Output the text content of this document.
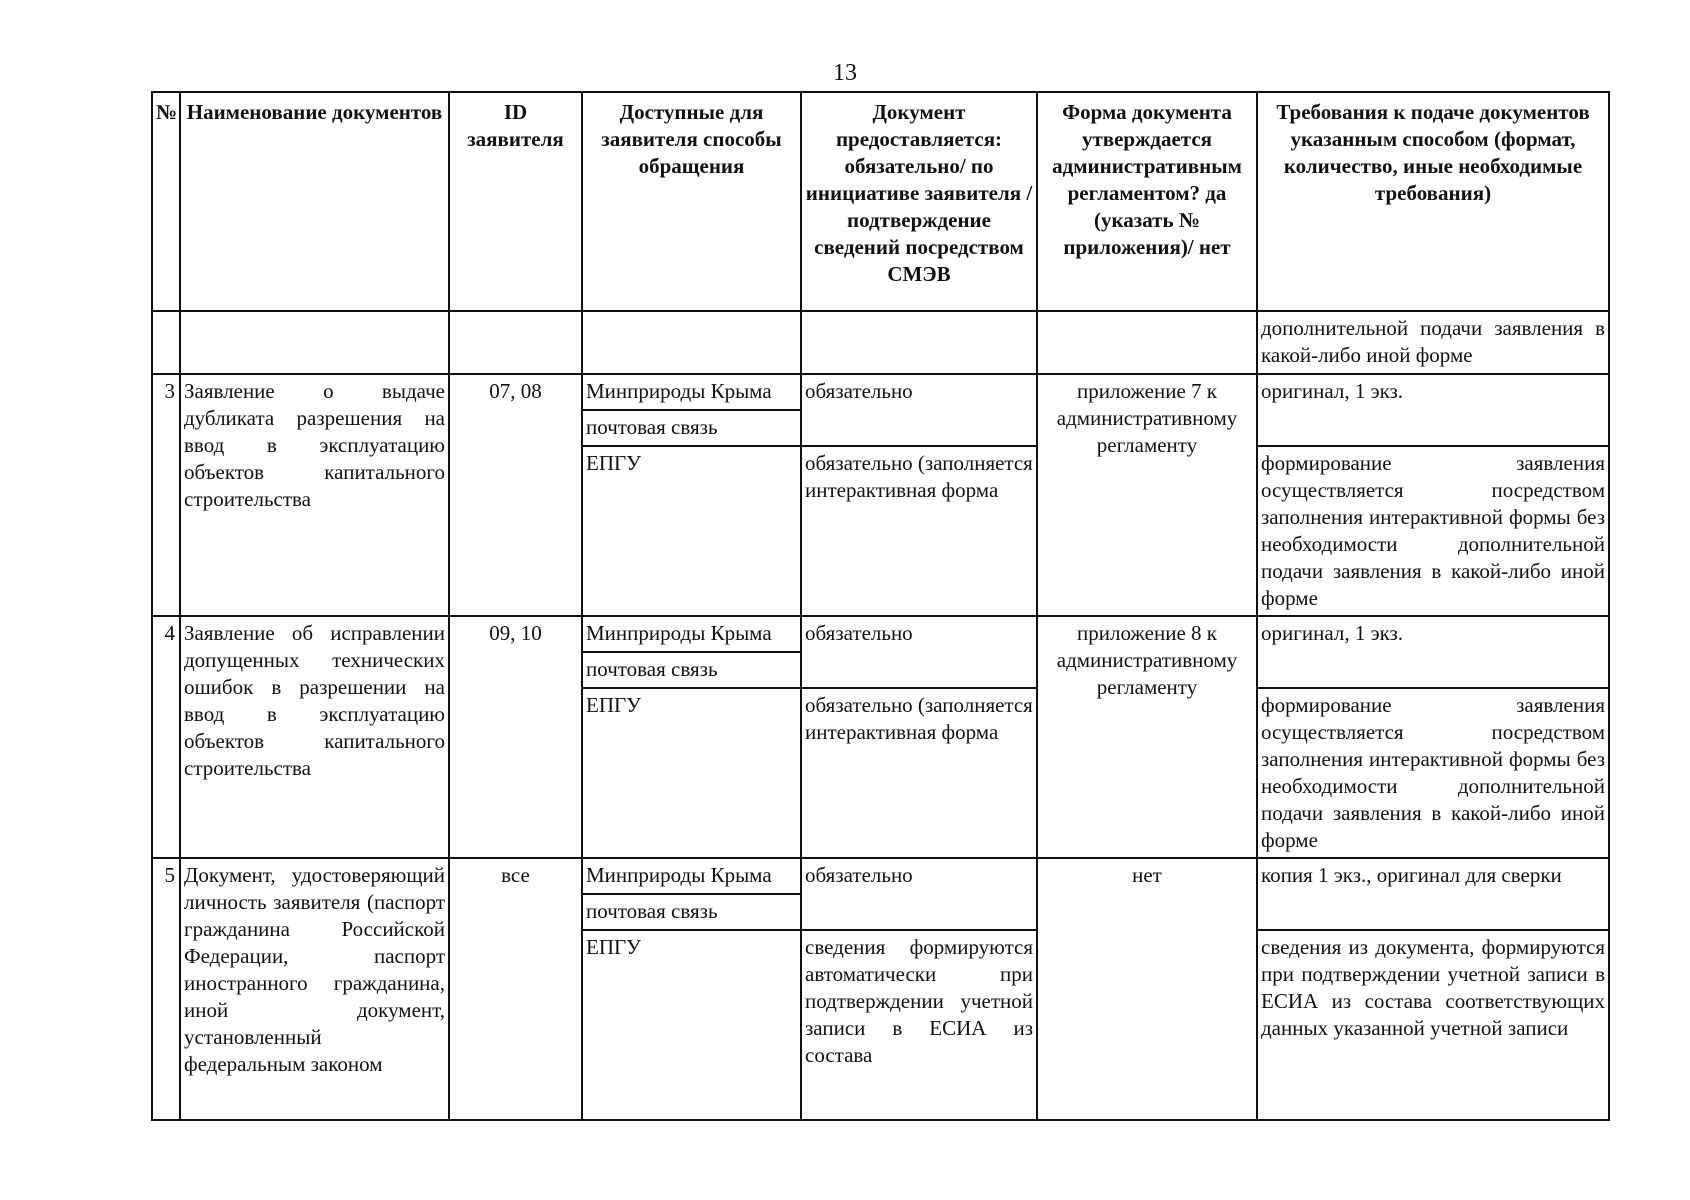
13
№	Наименование документов	ID заявителя	Доступные для заявителя способы обращения	Документ предоставляется: обязательно/ по инициативе заявителя /подтверждение сведений посредством СМЭВ	Форма документа утверждается административным регламентом? да (указать № приложения)/ нет	Требования к подаче документов указанным способом (формат, количество, иные необходимые требования)
						дополнительной подачи заявления в какой-либо иной форме
3	Заявление о выдаче дубликата разрешения на ввод в эксплуатацию объектов капитального строительства	07, 08	Минприроды Крыма	обязательно	приложение 7 к административному регламенту	оригинал, 1 экз.
			почтовая связь			
			ЕПГУ	обязательно (заполняется интерактивная форма		формирование заявления осуществляется посредством заполнения интерактивной формы без необходимости дополнительной подачи заявления в какой-либо иной форме
4	Заявление об исправлении допущенных технических ошибок в разрешении на ввод в эксплуатацию объектов капитального строительства	09, 10	Минприроды Крыма	обязательно	приложение 8 к административному регламенту	оригинал, 1 экз.
			почтовая связь			
			ЕПГУ	обязательно (заполняется интерактивная форма		формирование заявления осуществляется посредством заполнения интерактивной формы без необходимости дополнительной подачи заявления в какой-либо иной форме
5	Документ, удостоверяющий личность заявителя (паспорт гражданина Российской Федерации, паспорт иностранного гражданина, иной документ, установленный федеральным законом	все	Минприроды Крыма	обязательно	нет	копия 1 экз., оригинал для сверки
			почтовая связь			
			ЕПГУ	сведения формируются автоматически при подтверждении учетной записи в ЕСИА из состава		сведения из документа, формируются при подтверждении учетной записи в ЕСИА из состава соответствующих данных указанной учетной записи
